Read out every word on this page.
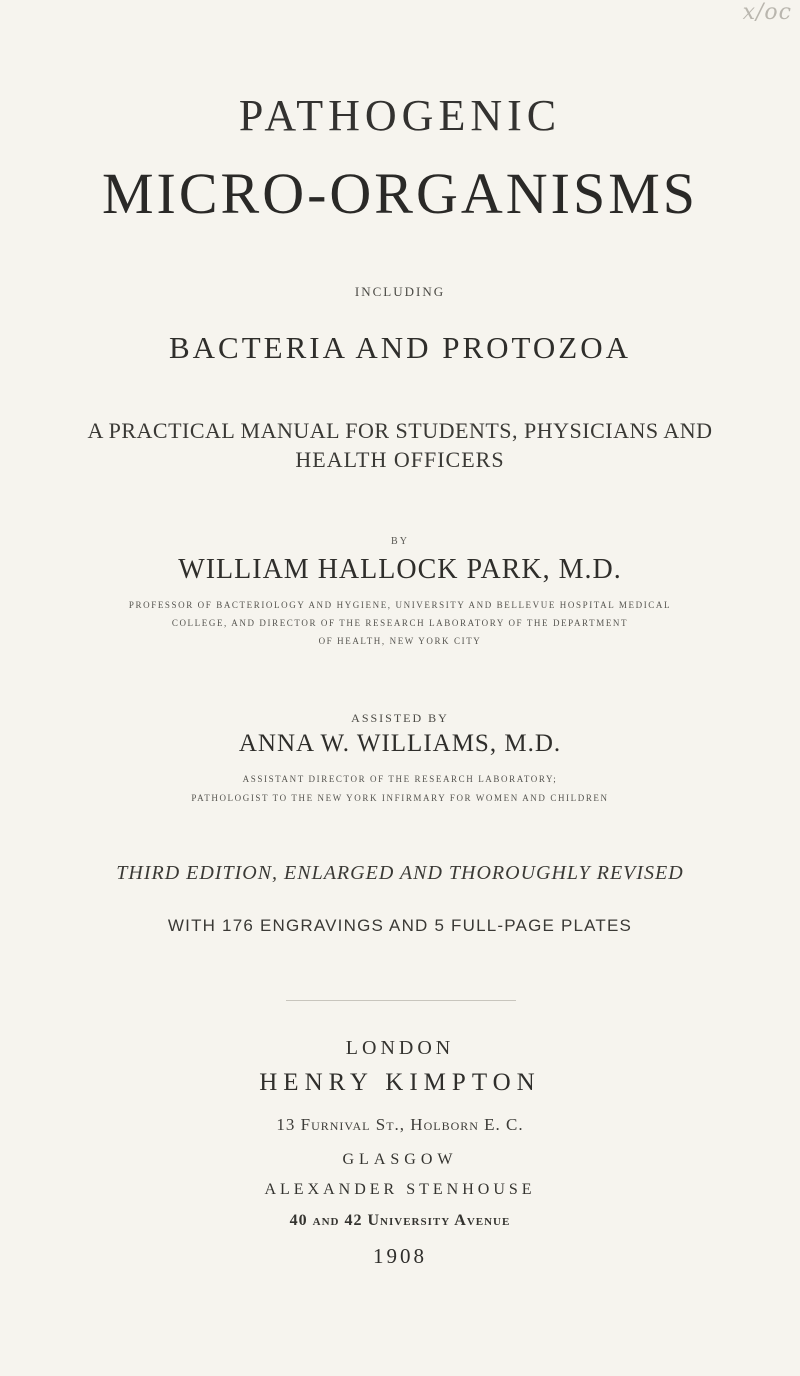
x/oc
PATHOGENIC
MICRO-ORGANISMS
INCLUDING
BACTERIA AND PROTOZOA
A PRACTICAL MANUAL FOR STUDENTS, PHYSICIANS AND
HEALTH OFFICERS
BY
WILLIAM HALLOCK PARK, M.D.
PROFESSOR OF BACTERIOLOGY AND HYGIENE, UNIVERSITY AND BELLEVUE HOSPITAL MEDICAL
COLLEGE, AND DIRECTOR OF THE RESEARCH LABORATORY OF THE DEPARTMENT
OF HEALTH, NEW YORK CITY
ASSISTED BY
ANNA W. WILLIAMS, M.D.
ASSISTANT DIRECTOR OF THE RESEARCH LABORATORY;
PATHOLOGIST TO THE NEW YORK INFIRMARY FOR WOMEN AND CHILDREN
THIRD EDITION, ENLARGED AND THOROUGHLY REVISED
WITH 176 ENGRAVINGS AND 5 FULL-PAGE PLATES
LONDON
HENRY KIMPTON
13 Furnival St., Holborn E. C.
GLASGOW
ALEXANDER STENHOUSE
40 and 42 University Avenue
1908
